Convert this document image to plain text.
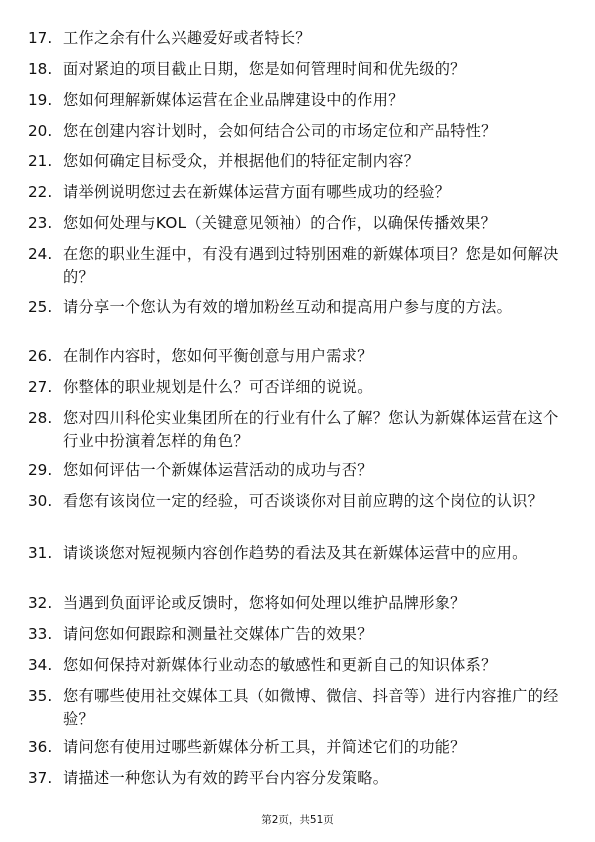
17. 工作之余有什么兴趣爱好或者特长？
18. 面对紧迫的项目截止日期，您是如何管理时间和优先级的？
19. 您如何理解新媒体运营在企业品牌建设中的作用？
20. 您在创建内容计划时，会如何结合公司的市场定位和产品特性？
21. 您如何确定目标受众，并根据他们的特征定制内容？
22. 请举例说明您过去在新媒体运营方面有哪些成功的经验？
23. 您如何处理与KOL（关键意见领袖）的合作，以确保传播效果？
24. 在您的职业生涯中，有没有遇到过特别困难的新媒体项目？您是如何解决的？
25. 请分享一个您认为有效的增加粉丝互动和提高用户参与度的方法。
26. 在制作内容时，您如何平衡创意与用户需求？
27. 你整体的职业规划是什么？可否详细的说说。
28. 您对四川科伦实业集团所在的行业有什么了解？您认为新媒体运营在这个行业中扮演着怎样的角色？
29. 您如何评估一个新媒体运营活动的成功与否？
30. 看您有该岗位一定的经验，可否谈谈你对目前应聘的这个岗位的认识？
31. 请谈谈您对短视频内容创作趋势的看法及其在新媒体运营中的应用。
32. 当遇到负面评论或反馈时，您将如何处理以维护品牌形象？
33. 请问您如何跟踪和测量社交媒体广告的效果？
34. 您如何保持对新媒体行业动态的敏感性和更新自己的知识体系？
35. 您有哪些使用社交媒体工具（如微博、微信、抖音等）进行内容推广的经验？
36. 请问您有使用过哪些新媒体分析工具，并简述它们的功能？
37. 请描述一种您认为有效的跨平台内容分发策略。
第2页，共51页
